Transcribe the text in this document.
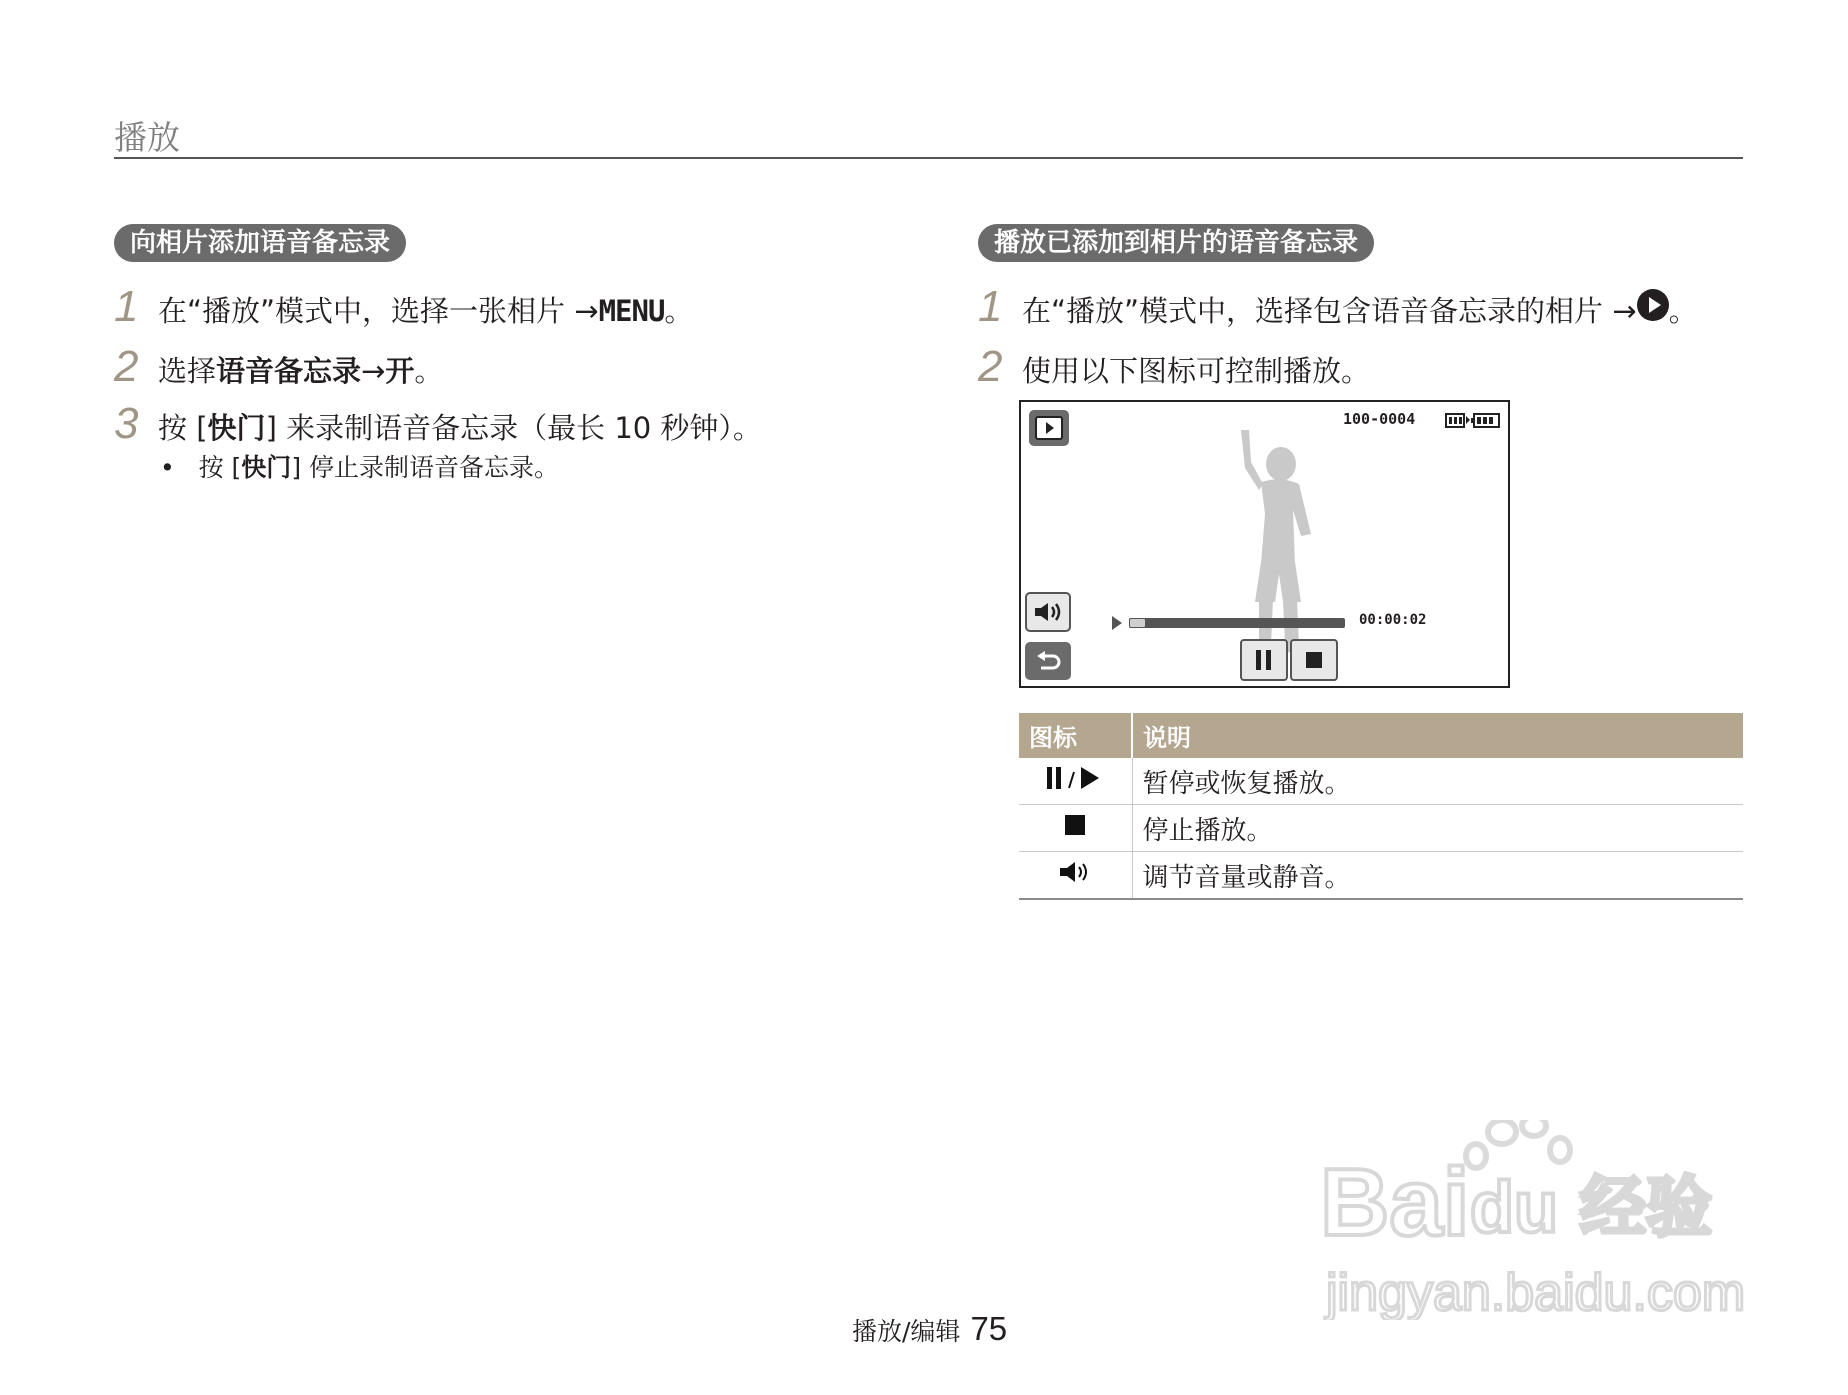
播放
向相片添加语音备忘录
1 在“播放”模式中，选择一张相片 → MENU 。
2 选择 语音备忘录 → 开 。
3 按 [ 快门 ] 来录制语音备忘录（最长 10 秒钟）。
• 按 [快门] 停止录制语音备忘录。
播放已添加到相片的语音备忘录
1 在“播放”模式中，选择包含语音备忘录的相片 → 。
2 使用以下图标可控制播放。
100-0004
00:00:02
图标	说明
	暂停或恢复播放。
	停止播放。
	调节音量或静音。
播放/编辑 75
Bai du 经验
jingyan.baidu.com
